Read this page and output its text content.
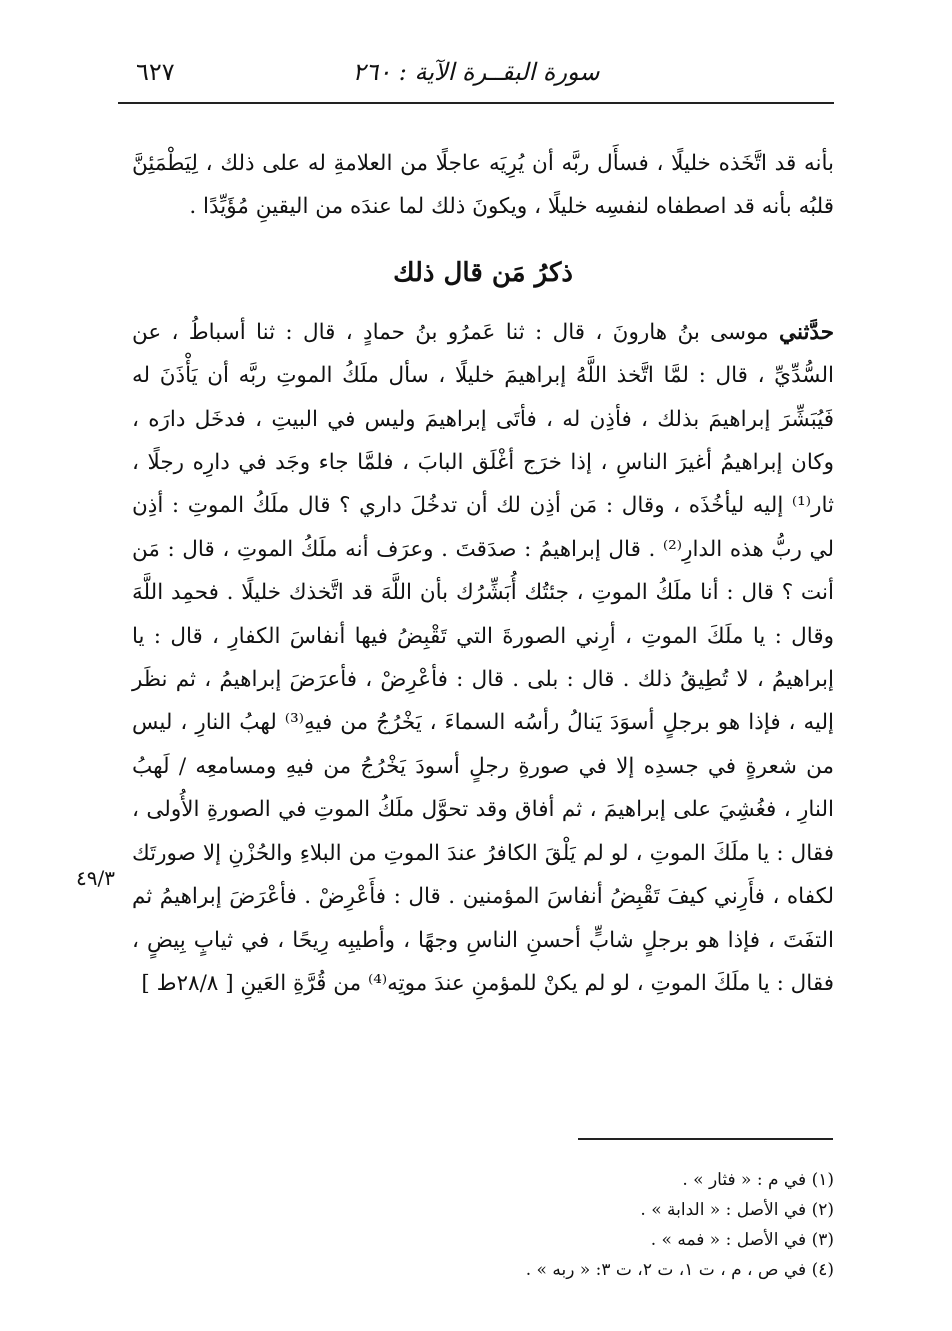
٦٢٧	سورة البقــرة الآية : ٢٦٠

بأنه قد اتَّخَذه خليلًا ، فسأَل ربَّه أن يُرِيَه عاجلًا من العلامةِ له على ذلك ، لِيَطْمَئِنَّ قلبُه بأنه قد اصطفاه لنفسِه خليلًا ، ويكونَ ذلك لما عندَه من اليقينِ مُؤَيِّدًا .

ذكرُ مَن قال ذلك

حدَّثني موسى بنُ هارونَ ، قال : ثنا عَمرُو بنُ حمادٍ ، قال : ثنا أسباطُ ، عن السُّدِّيِّ ، قال : لمَّا اتَّخذ اللَّهُ إبراهيمَ خليلًا ، سأل ملَكُ الموتِ ربَّه أن يَأْذَنَ له فَيُبَشِّرَ إبراهيمَ بذلك ، فأذِن له ، فأتَى إبراهيمَ وليس في البيتِ ، فدخَل دارَه ، وكان إبراهيمُ أغيرَ الناسِ ، إذا خرَج أغْلَق البابَ ، فلمَّا جاء وجَد في دارِه رجلًا ، ثار⁽¹⁾ إليه ليأخُذَه ، وقال : مَن أذِن لك أن تدخُلَ داري ؟ قال ملَكُ الموتِ : أذِن لي ربُّ هذه الدارِ⁽²⁾ . قال إبراهيمُ : صدَقتَ . وعرَف أنه ملَكُ الموتِ ، قال : مَن أنت ؟ قال : أنا ملَكُ الموتِ ، جئتُك أُبَشِّرُك بأن اللَّهَ قد اتَّخذك خليلًا . فحمِد اللَّهَ وقال : يا ملَكَ الموتِ ، أرِني الصورةَ التي تَقْبِضُ فيها أنفاسَ الكفارِ ، قال : يا إبراهيمُ ، لا تُطِيقُ ذلك . قال : بلى . قال : فأعْرِضْ ، فأعرَضَ إبراهيمُ ، ثم نظَر إليه ، فإذا هو برجلٍ أسوَدَ يَنالُ رأسُه السماءَ ، يَخْرُجُ من فيهِ⁽³⁾ لهبُ النارِ ، ليس من شعرةٍ في جسدِه إلا في صورةِ رجلٍ أسودَ يَخْرُجُ من فيهِ ومسامعِه / لَهبُ النارِ ، فغُشِيَ على إبراهيمَ ، ثم أفاق وقد تحوَّل ملَكُ الموتِ في الصورةِ الأُولى ، فقال : يا ملَكَ الموتِ ، لو لم يَلْقَ الكافرُ عندَ الموتِ من البلاءِ والحُزْنِ إلا صورتَك لكفاه ، فأَرِني كيفَ تَقْبِضُ أنفاسَ المؤمنين . قال : فأَعْرِضْ . فأعْرَضَ إبراهيمُ ثم التفَتَ ، فإذا هو برجلٍ شابٍّ أحسنِ الناسِ وجهًا ، وأطيبِه رِيحًا ، في ثيابٍ بِيضٍ ، فقال : يا ملَكَ الموتِ ، لو لم يكنْ للمؤمنِ عندَ موتِه⁽⁴⁾ من قُرَّةِ العَينِ [ ٢٨/٨ط ]

٤٩/٣

(١) في م : « فثار » .

(٢) في الأصل : « الدابة » .

(٣) في الأصل : « فمه » .

(٤) في ص ، م ، ت ١، ت ٢، ت ٣: « ربه » .
